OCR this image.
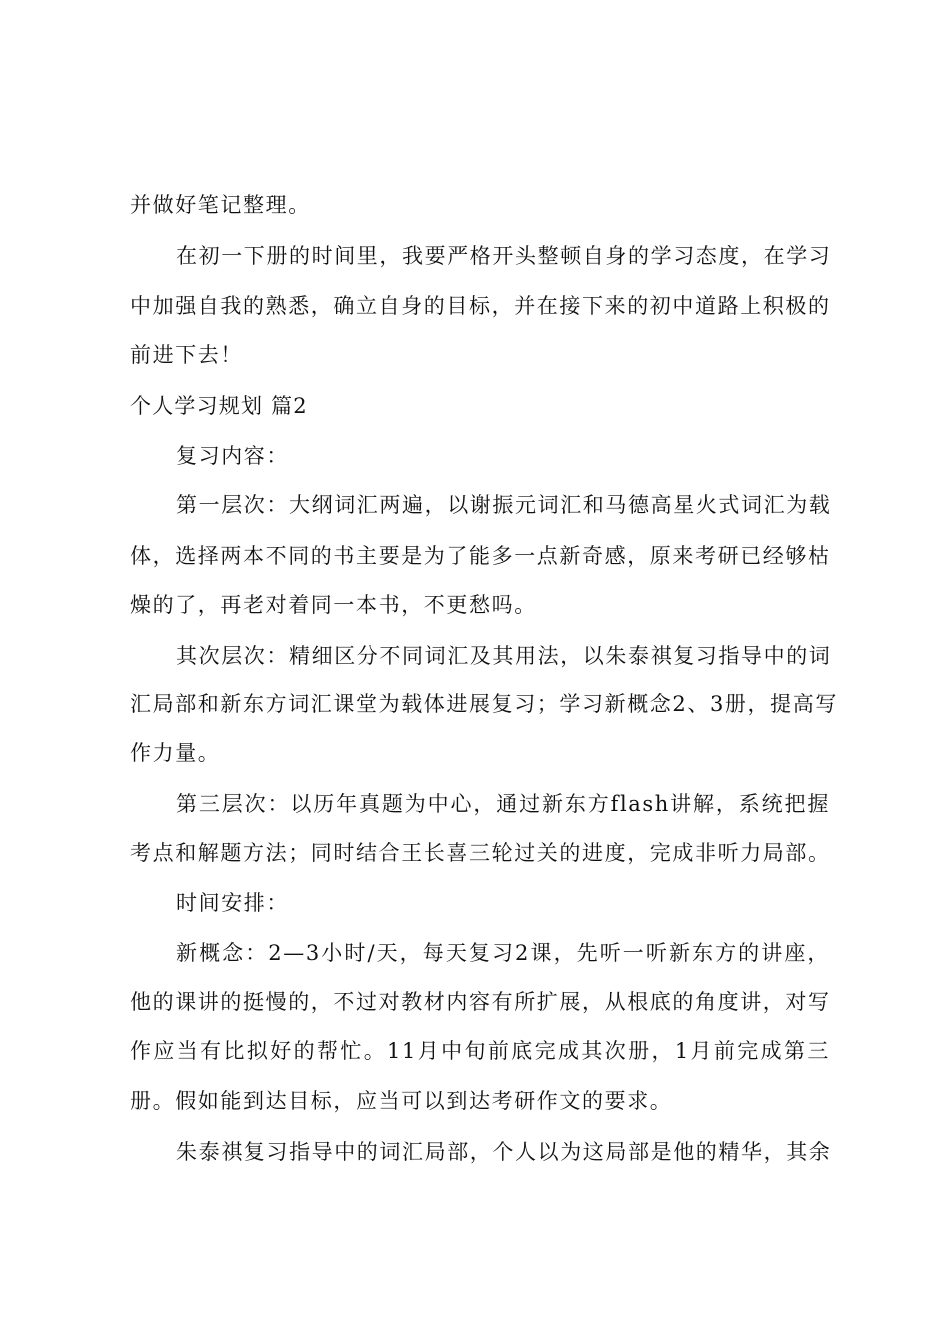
并做好笔记整理。
在初一下册的时间里，我要严格开头整顿自身的学习态度，在学习
中加强自我的熟悉，确立自身的目标，并在接下来的初中道路上积极的
前进下去！
个人学习规划 篇2
复习内容：
第一层次：大纲词汇两遍，以谢振元词汇和马德高星火式词汇为载
体，选择两本不同的书主要是为了能多一点新奇感，原来考研已经够枯
燥的了，再老对着同一本书，不更愁吗。
其次层次：精细区分不同词汇及其用法，以朱泰祺复习指导中的词
汇局部和新东方词汇课堂为载体进展复习；学习新概念2、3册，提高写
作力量。
第三层次：以历年真题为中心，通过新东方flash讲解，系统把握
考点和解题方法；同时结合王长喜三轮过关的进度，完成非听力局部。
时间安排：
新概念：2—3小时/天，每天复习2课，先听一听新东方的讲座，
他的课讲的挺慢的，不过对教材内容有所扩展，从根底的角度讲，对写
作应当有比拟好的帮忙。11月中旬前底完成其次册，1月前完成第三
册。假如能到达目标，应当可以到达考研作文的要求。
朱泰祺复习指导中的词汇局部，个人以为这局部是他的精华，其余
